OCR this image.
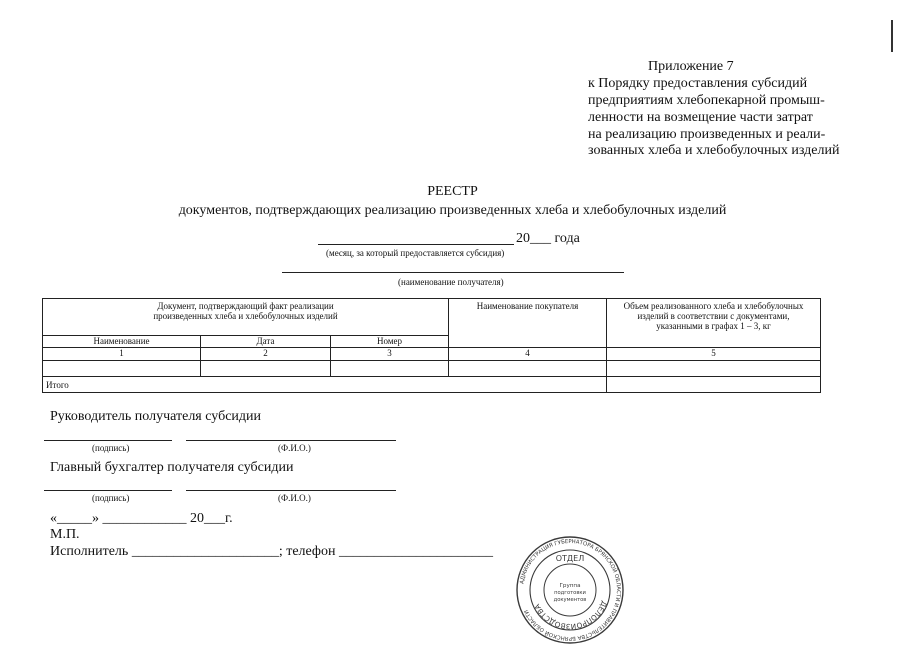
Приложение 7
к Порядку предоставления субсидий
предприятиям хлебопекарной промыш-
ленности на возмещение части затрат
на реализацию произведенных и реали-
зованных хлеба и хлебобулочных изделий
РЕЕСТР
документов, подтверждающих реализацию произведенных хлеба и хлебобулочных изделий
20___ года
(месяц, за который предоставляется субсидия)
(наименование получателя)
Документ, подтверждающий факт реализации произведенных хлеба и хлебобулочных изделий			Наименование покупателя	Объем реализованного хлеба и хлебобулочных изделий в соответствии с документами, указанными в графах 1 – 3, кг
Наименование	Дата	Номер		
1	2	3	4	5

Итого				
Руководитель получателя субсидии
(подпись)	(Ф.И.О.)
Главный бухгалтер получателя субсидии
(подпись)	(Ф.И.О.)
«_____» ____________ 20___г.
М.П.
Исполнитель _____________________; телефон ______________________
АДМИНИСТРАЦИЯ ГУБЕРНАТОРА БРЯНСКОЙ ОБЛАСТИ И ПРАВИТЕЛЬСТВА БРЯНСКОЙ ОБЛАСТИ
ДЕЛОПРОИЗВОДСТВА
ОТДЕЛ
Группа
подготовки
документов
